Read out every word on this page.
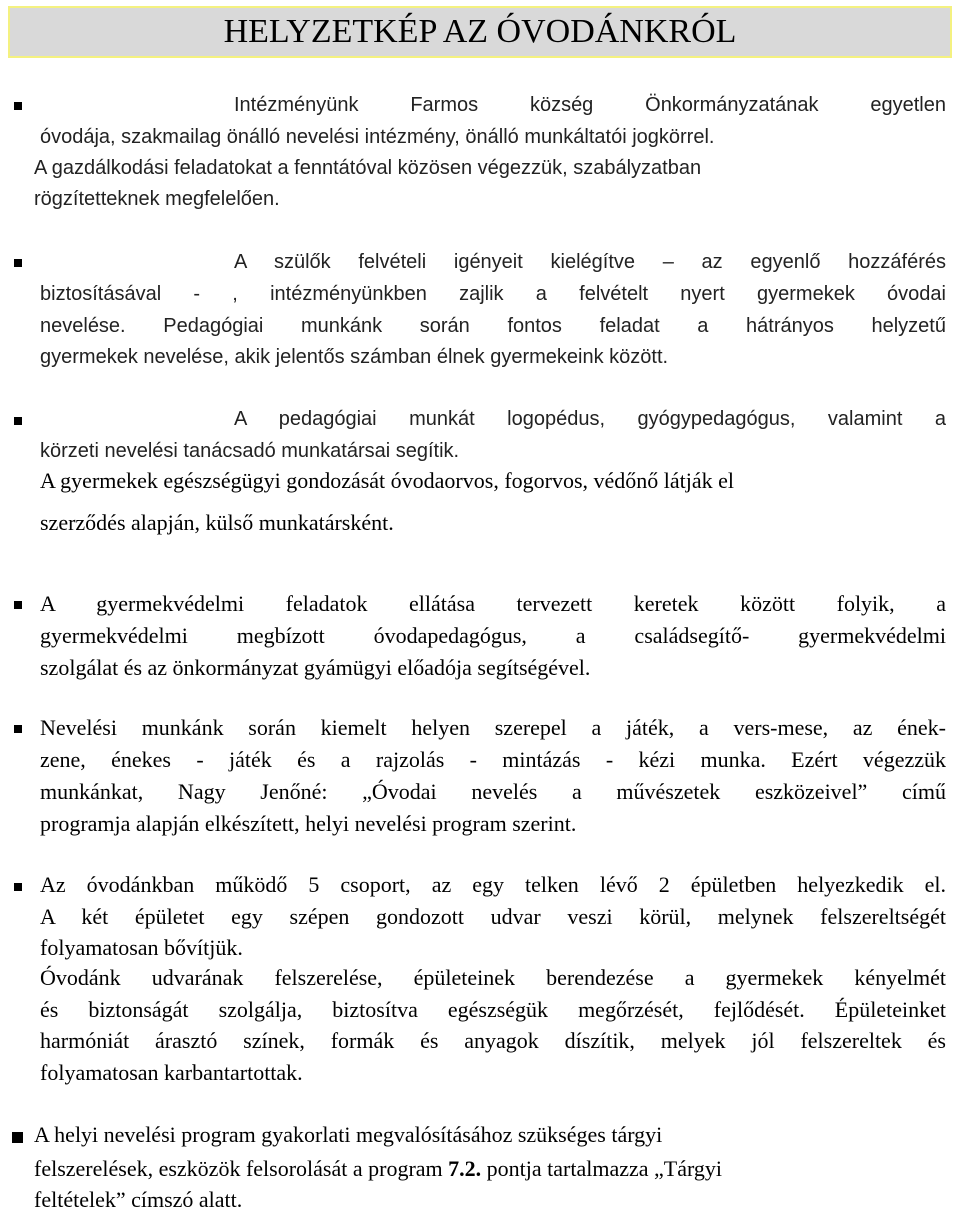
HELYZETKÉP AZ ÓVODÁNKRÓL
Intézményünk Farmos község Önkormányzatának egyetlen
óvodája, szakmailag önálló nevelési intézmény, önálló munkáltatói jogkörrel.
A gazdálkodási feladatokat a fenntátóval közösen végezzük, szabályzatban
rögzítetteknek megfelelően.
A szülők felvételi igényeit kielégítve – az egyenlő hozzáférés
biztosításával - , intézményünkben zajlik a felvételt nyert gyermekek óvodai
nevelése. Pedagógiai munkánk során fontos feladat a hátrányos helyzetű
gyermekek nevelése, akik jelentős számban élnek gyermekeink között.
A pedagógiai munkát logopédus, gyógypedagógus, valamint a
körzeti nevelési tanácsadó munkatársai segítik.
A gyermekek egészségügyi gondozását óvodaorvos, fogorvos, védőnő látják el
szerződés alapján, külső munkatársként.
A gyermekvédelmi feladatok ellátása tervezett keretek között folyik, a
gyermekvédelmi megbízott óvodapedagógus, a családsegítő- gyermekvédelmi
szolgálat és az önkormányzat gyámügyi előadója segítségével.
Nevelési munkánk során kiemelt helyen szerepel a játék, a vers-mese, az ének-
zene, énekes - játék és a rajzolás - mintázás - kézi munka. Ezért végezzük
munkánkat, Nagy Jenőné: „Óvodai nevelés a művészetek eszközeivel” című
programja alapján elkészített, helyi nevelési program szerint.
Az óvodánkban működő 5 csoport, az egy telken lévő 2 épületben helyezkedik el.
A két épületet egy szépen gondozott udvar veszi körül, melynek felszereltségét
folyamatosan bővítjük.
Óvodánk udvarának felszerelése, épületeinek berendezése a gyermekek kényelmét
és biztonságát szolgálja, biztosítva egészségük megőrzését, fejlődését. Épületeinket
harmóniát árasztó színek, formák és anyagok díszítik, melyek jól felszereltek és
folyamatosan karbantartottak.
A helyi nevelési program gyakorlati megvalósításához szükséges tárgyi
felszerelések, eszközök felsorolását a program 7.2. pontja tartalmazza „Tárgyi
feltételek” címszó alatt.
